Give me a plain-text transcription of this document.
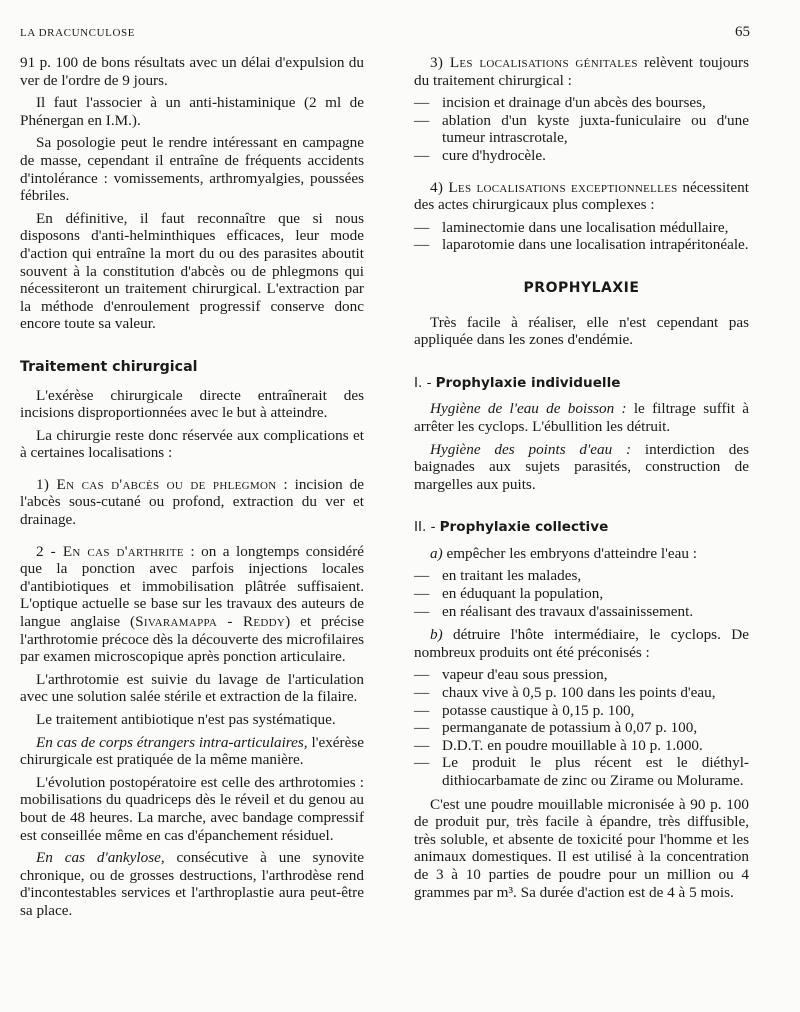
LA DRACUNCULOSE	65

91 p. 100 de bons résultats avec un délai d'expulsion du ver de l'ordre de 9 jours.

Il faut l'associer à un anti-histaminique (2 ml de Phénergan en I.M.).

Sa posologie peut le rendre intéressant en campagne de masse, cependant il entraîne de fréquents accidents d'intolérance : vomissements, arthromyalgies, poussées fébriles.

En définitive, il faut reconnaître que si nous disposons d'anti-helminthiques efficaces, leur mode d'action qui entraîne la mort du ou des parasites aboutit souvent à la constitution d'abcès ou de phlegmons qui nécessiteront un traitement chirurgical. L'extraction par la méthode d'enroulement progressif conserve donc encore toute sa valeur.

Traitement chirurgical

L'exérèse chirurgicale directe entraînerait des incisions disproportionnées avec le but à atteindre.

La chirurgie reste donc réservée aux complications et à certaines localisations :

1) En cas d'abcès ou de phlegmon : incision de l'abcès sous-cutané ou profond, extraction du ver et drainage.

2 - En cas d'arthrite : on a longtemps considéré que la ponction avec parfois injections locales d'antibiotiques et immobilisation plâtrée suffisaient. L'optique actuelle se base sur les travaux des auteurs de langue anglaise (Sivaramappa - Reddy) et précise l'arthrotomie précoce dès la découverte des microfilaires par examen microscopique après ponction articulaire.

L'arthrotomie est suivie du lavage de l'articulation avec une solution salée stérile et extraction de la filaire.

Le traitement antibiotique n'est pas systématique.

En cas de corps étrangers intra-articulaires, l'exérèse chirurgicale est pratiquée de la même manière.

L'évolution postopératoire est celle des arthrotomies : mobilisations du quadriceps dès le réveil et du genou au bout de 48 heures. La marche, avec bandage compressif est conseillée même en cas d'épanchement résiduel.

En cas d'ankylose, consécutive à une synovite chronique, ou de grosses destructions, l'arthrodèse rend d'incontestables services et l'arthroplastie aura peut-être sa place.

3) Les localisations génitales relèvent toujours du traitement chirurgical :

— incision et drainage d'un abcès des bourses,
— ablation d'un kyste juxta-funiculaire ou d'une tumeur intrascrotale,
— cure d'hydrocèle.

4) Les localisations exceptionnelles nécessitent des actes chirurgicaux plus complexes :

— laminectomie dans une localisation médullaire,
— laparotomie dans une localisation intrapéritonéale.
PROPHYLAXIE

Très facile à réaliser, elle n'est cependant pas appliquée dans les zones d'endémie.

I. - Prophylaxie individuelle

Hygiène de l'eau de boisson : le filtrage suffit à arrêter les cyclops. L'ébullition les détruit.

Hygiène des points d'eau : interdiction des baignades aux sujets parasités, construction de margelles aux puits.

II. - Prophylaxie collective

a) empêcher les embryons d'atteindre l'eau :

— en traitant les malades,
— en éduquant la population,
— en réalisant des travaux d'assainissement.

b) détruire l'hôte intermédiaire, le cyclops. De nombreux produits ont été préconisés :

— vapeur d'eau sous pression,
— chaux vive à 0,5 p. 100 dans les points d'eau,
— potasse caustique à 0,15 p. 100,
— permanganate de potassium à 0,07 p. 100,
— D.D.T. en poudre mouillable à 10 p. 1.000.
— Le produit le plus récent est le diéthyl-dithiocarbamate de zinc ou Zirame ou Molurame.

C'est une poudre mouillable micronisée à 90 p. 100 de produit pur, très facile à épandre, très diffusible, très soluble, et absente de toxicité pour l'homme et les animaux domestiques. Il est utilisé à la concentration de 3 à 10 parties de poudre pour un million ou 4 grammes par m³. Sa durée d'action est de 4 à 5 mois.
